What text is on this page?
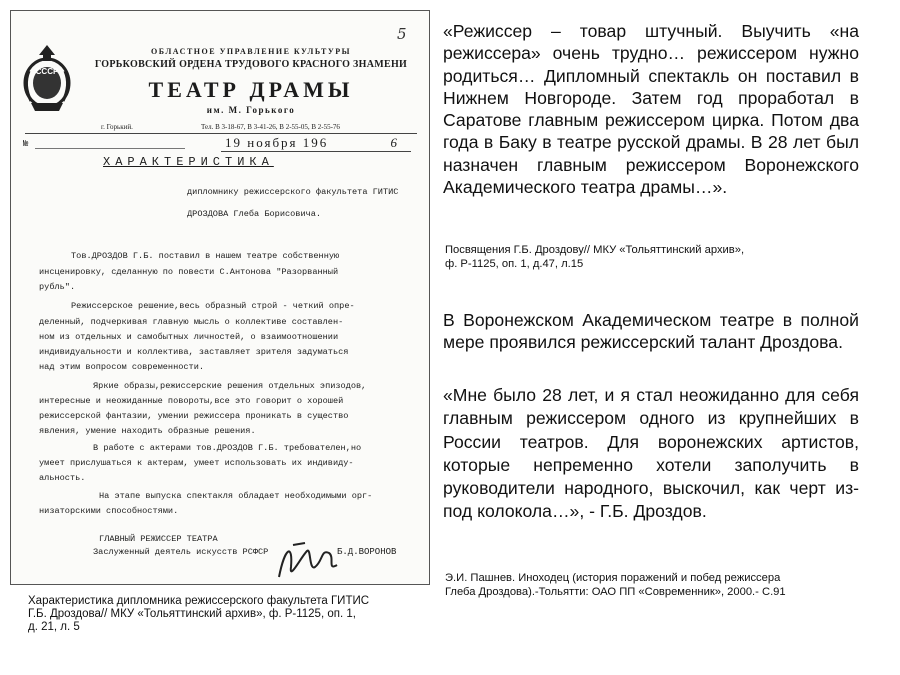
СССР
5
ОБЛАСТНОЕ УПРАВЛЕНИЕ КУЛЬТУРЫ
ГОРЬКОВСКИЙ ОРДЕНА ТРУДОВОГО КРАСНОГО ЗНАМЕНИ
ТЕАТР ДРАМЫ
им. М. Горького
г. Горький.	Тел. В 3-18-67, В 3-41-26, В 2-55-05, В 2-55-76
№	19 ноября 196	6
ХАРАКТЕРИСТИКА
дипломнику режиссерского факультета ГИТИС
ДРОЗДОВА Глеба Борисовича.
Тов.ДРОЗДОВ Г.Б. поставил в нашем театре собственную
инсценировку, сделанную по повести С.Антонова "Разорванный
рубль".
Режиссерское решение,весь образный строй - четкий опре-
деленный, подчеркивая главную мысль о коллективе составлен-
ном из отдельных и самобытных личностей, о взаимоотношении
индивидуальности и коллектива, заставляет зрителя задуматься
над этим вопросом современности.
Яркие образы,режиссерские решения отдельных эпизодов,
интересные и неожиданные повороты,все это говорит о хорошей
режиссерской фантазии, умении режиссера проникать в существо
явления, умение находить образные решения.
В работе с актерами тов.ДРОЗДОВ Г.Б. требователен,но
умеет прислушаться к актерам, умеет использовать их индивиду-
альность.
На этапе выпуска спектакля обладает необходимыми орг-
низаторскими способностями.
ГЛАВНЫЙ РЕЖИССЕР ТЕАТРА
Заслуженный деятель искусств РСФСР	Б.Д.ВОРОНОВ

Характеристика дипломника режиссерского факультета ГИТИС

Г.Б. Дроздова// МКУ «Тольяттинский архив», ф. Р-1125, оп. 1,

д. 21, л. 5

«Режиссер – товар штучный. Выучить «на режиссера» очень трудно… режиссером нужно родиться… Дипломный спектакль он поставил в Нижнем Новгороде. Затем год проработал в Саратове главным режиссером цирка. Потом два года в Баку в театре русской драмы. В 28 лет был назначен главным режиссером Воронежского Академического театра драмы…».

Посвящения Г.Б. Дроздову// МКУ «Тольяттинский архив»,
ф. Р-1125, оп. 1, д.47, л.15

В Воронежском Академическом театре в полной мере проявился режиссерский талант Дроздова.

«Мне было 28 лет, и я стал неожиданно для себя главным режиссером одного из крупнейших в России театров. Для воронежских артистов, которые непременно хотели заполучить в руководители народного, выскочил, как черт из-под колокола…», - Г.Б. Дроздов.

Э.И. Пашнев. Иноходец (история поражений и побед режиссера
Глеба Дроздова).-Тольятти: ОАО ПП «Современник», 2000.- С.91
